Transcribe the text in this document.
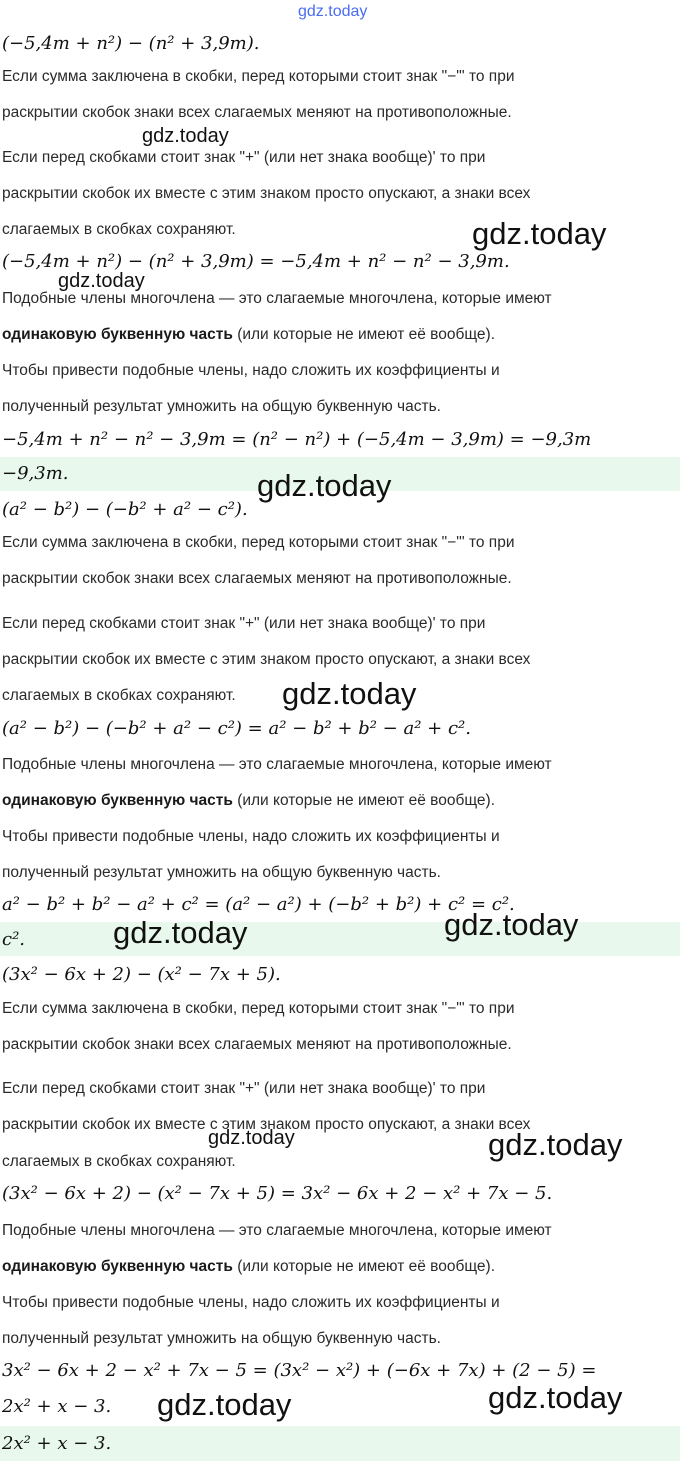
(−5,4m + n²) − (n² + 3,9m).
Если сумма заключена в скобки, перед которыми стоит знак "−"' то при
раскрытии скобок знаки всех слагаемых меняют на противоположные.
Если перед скобками стоит знак "+" (или нет знака вообще)' то при
раскрытии скобок их вместе с этим знаком просто опускают, а знаки всех
слагаемых в скобках сохраняют.
(−5,4m + n²) − (n² + 3,9m) = −5,4m + n² − n² − 3,9m.
Подобные члены многочлена — это слагаемые многочлена, которые имеют
одинаковую буквенную часть (или которые не имеют её вообще).
Чтобы привести подобные члены, надо сложить их коэффициенты и
полученный результат умножить на общую буквенную часть.
−5,4m + n² − n² − 3,9m = (n² − n²) + (−5,4m − 3,9m) = −9,3m
−9,3m.
(a² − b²) − (−b² + a² − c²).
Если сумма заключена в скобки, перед которыми стоит знак "−"' то при
раскрытии скобок знаки всех слагаемых меняют на противоположные.
Если перед скобками стоит знак "+" (или нет знака вообще)' то при
раскрытии скобок их вместе с этим знаком просто опускают, а знаки всех
слагаемых в скобках сохраняют.
(a² − b²) − (−b² + a² − c²) = a² − b² + b² − a² + c².
Подобные члены многочлена — это слагаемые многочлена, которые имеют
одинаковую буквенную часть (или которые не имеют её вообще).
Чтобы привести подобные члены, надо сложить их коэффициенты и
полученный результат умножить на общую буквенную часть.
a² − b² + b² − a² + c² = (a² − a²) + (−b² + b²) + c² = c².
c².
(3x² − 6x + 2) − (x² − 7x + 5).
Если сумма заключена в скобки, перед которыми стоит знак "−"' то при
раскрытии скобок знаки всех слагаемых меняют на противоположные.
Если перед скобками стоит знак "+" (или нет знака вообще)' то при
раскрытии скобок их вместе с этим знаком просто опускают, а знаки всех
слагаемых в скобках сохраняют.
(3x² − 6x + 2) − (x² − 7x + 5) = 3x² − 6x + 2 − x² + 7x − 5.
Подобные члены многочлена — это слагаемые многочлена, которые имеют
одинаковую буквенную часть (или которые не имеют её вообще).
Чтобы привести подобные члены, надо сложить их коэффициенты и
полученный результат умножить на общую буквенную часть.
3x² − 6x + 2 − x² + 7x − 5 = (3x² − x²) + (−6x + 7x) + (2 − 5) =
2x² + x − 3.
2x² + x − 3.
gdz.today
gdz.today
gdz.today
gdz.today
gdz.today
gdz.today
gdz.today
gdz.today
gdz.today	gdz.today
gdz.today
gdz.today
